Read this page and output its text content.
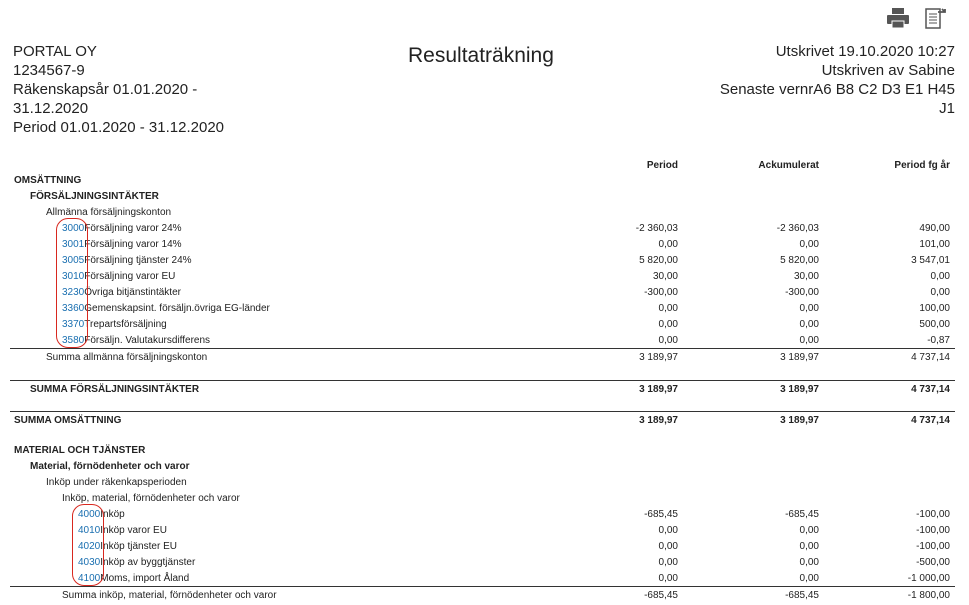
PORTAL OY
1234567-9
Räkenskapsår 01.01.2020 -
31.12.2020
Period 01.01.2020 - 31.12.2020
Resultaträkning	Utskrivet 19.10.2020 10:27
Utskriven av Sabine
Senaste vernrA6 B8 C2 D3 E1 H45
J1
Period	Ackumulerat	Period fg år
OMSÄTTNING
FÖRSÄLJNINGSINTÄKTER
Allmänna försäljningskonton
3000Försäljning varor 24%	-2 360,03	-2 360,03	490,00
3001Försäljning varor 14%	0,00	0,00	101,00
3005Försäljning tjänster 24%	5 820,00	5 820,00	3 547,01
3010Försäljning varor EU	30,00	30,00	0,00
3230Övriga bitjänstintäkter	-300,00	-300,00	0,00
3360Gemenskapsint. försäljn.övriga EG-länder	0,00	0,00	100,00
3370Trepartsförsäljning	0,00	0,00	500,00
3580Försäljn. Valutakursdifferens	0,00	0,00	-0,87
Summa allmänna försäljningskonton	3 189,97	3 189,97	4 737,14
SUMMA FÖRSÄLJNINGSINTÄKTER	3 189,97	3 189,97	4 737,14
SUMMA OMSÄTTNING	3 189,97	3 189,97	4 737,14
MATERIAL OCH TJÄNSTER
Material, förnödenheter och varor
Inköp under räkenkapsperioden
Inköp, material, förnödenheter och varor
4000Inköp	-685,45	-685,45	-100,00
4010Inköp varor EU	0,00	0,00	-100,00
4020Inköp tjänster EU	0,00	0,00	-100,00
4030Inköp av byggtjänster	0,00	0,00	-500,00
4100Moms, import Åland	0,00	0,00	-1 000,00
Summa inköp, material, förnödenheter och varor	-685,45	-685,45	-1 800,00
